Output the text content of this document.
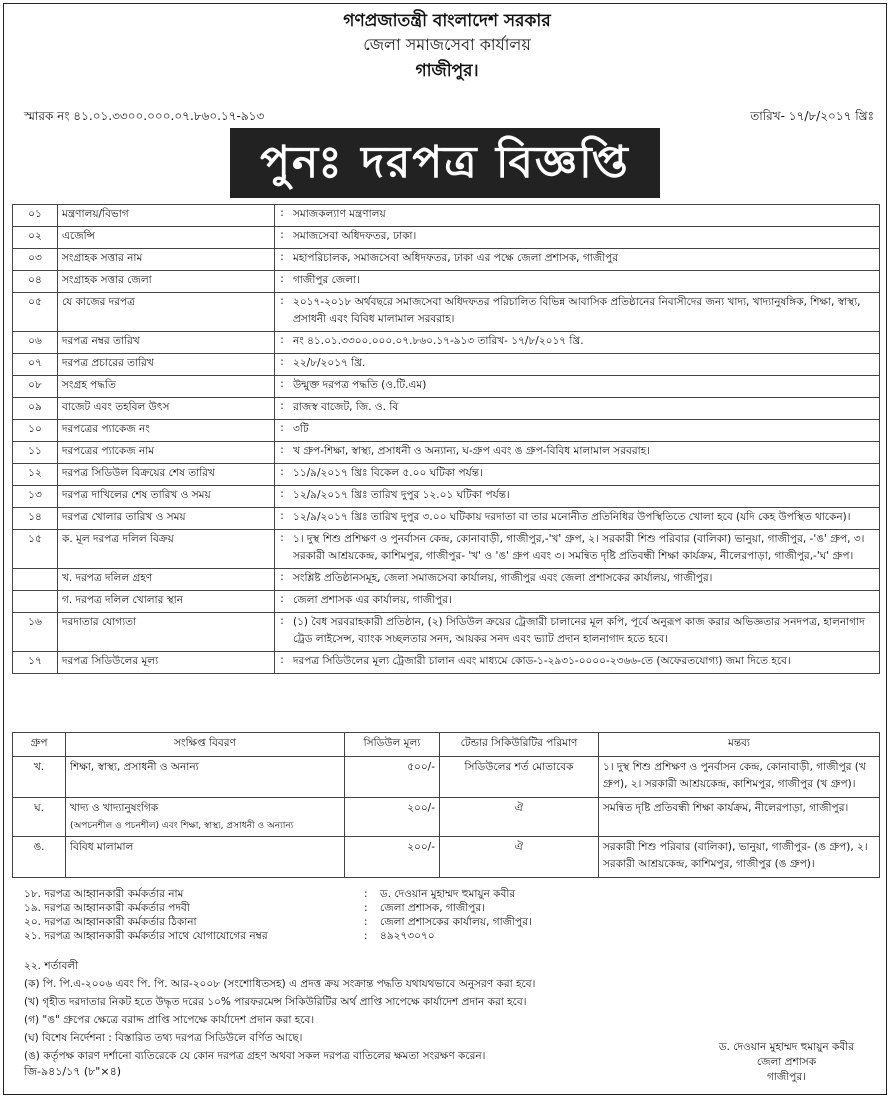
গণপ্রজাতন্ত্রী বাংলাদেশ সরকার
জেলা সমাজসেবা কার্যালয়
গাজীপুর।
স্মারক নং ৪১.০১.৩৩০০.০০০.০৭.৮৬০.১৭-৯১৩	তারিখ- ১৭/৮/২০১৭ খ্রিঃ
পুনঃ দরপত্র বিজ্ঞপ্তি
০১	মন্ত্রণালয়/বিভাগ	:	সমাজকল্যাণ মন্ত্রণালয়
০২	এজেন্সি	:	সমাজসেবা অধিদফতর, ঢাকা।
০৩	সংগ্রাহক সত্তার নাম	:	মহাপরিচালক, সমাজসেবা অধিদফতর, ঢাকা এর পক্ষে জেলা প্রশাসক, গাজীপুর
০৪	সংগ্রাহক সত্তার জেলা	:	গাজীপুর জেলা।
০৫	যে কাজের দরপত্র	:	২০১৭-২০১৮ অর্থবছরে সমাজসেবা অধিদফতর পরিচালিত বিভিন্ন আবাসিক প্রতিষ্ঠানের নিবাসীদের জন্য খাদ্য, খাদ্যানুষঙ্গিক, শিক্ষা, স্বাস্থ্য, প্রসাধনী এবং বিবিধ মালামাল সরবরাহ।
০৬	দরপত্র নম্বর তারিখ	:	নং ৪১.০১.৩৩০০.০০০.০৭.৮৬০.১৭-৯১৩ তারিখ- ১৭/৮/২০১৭ খ্রি.
০৭	দরপত্র প্রচারের তারিখ	:	২২/৮/২০১৭ খ্রি.
০৮	সংগ্রহ পদ্ধতি	:	উন্মুক্ত দরপত্র পদ্ধতি (ও.টি.এম)
০৯	বাজেট এবং তহবিল উৎস	:	রাজস্ব বাজেট, জি. ও. বি
১০	দরপত্রের প্যাকেজ নং	:	৩টি
১১	দরপত্রের প্যাকেজ নাম	:	খ গ্রুপ-শিক্ষা, স্বাস্থ্য, প্রসাধনী ও অন্যান্য, ঘ-গ্রুপ এবং ঙ গ্রুপ-বিবিধ মালামাল সরবরাহ।
১২	দরপত্র সিডিউল বিক্রয়ের শেষ তারিখ	:	১১/৯/২০১৭ খ্রিঃ বিকেল ৫.০০ ঘটিকা পর্যন্ত।
১৩	দরপত্র দাখিলের শেষ তারিখ ও সময়	:	১২/৯/২০১৭ খ্রিঃ তারিখ দুপুর ১২.০১ ঘটিকা পর্যন্ত।
১৪	দরপত্র খোলার তারিখ ও সময়	:	১২/৯/২০১৭ খ্রিঃ তারিখ দুপুর ৩.০০ ঘটিকায় দরদাতা বা তার মনোনীত প্রতিনিধির উপস্থিতিতে খোলা হবে (যদি কেহ উপস্থিত থাকেন)।
১৫	ক. মূল দরপত্র দলিল বিক্রয়	:	১। দুস্থ শিশু প্রশিক্ষণ ও পুনর্বাসন কেন্দ্র, কোনাবাড়ী, গাজীপুর,-'খ' গ্রুপ, ২। সরকারী শিশু পরিবার (বালিকা) ভানুয়া, গাজীপুর, -'ঙ' গ্রুপ, ৩। সরকারী আশ্রয়কেন্দ্র, কাশিমপুর, গাজীপুর- 'খ' ও 'ঙ' গ্রুপ এবং ৩। সমন্বিত দৃষ্টি প্রতিবন্ধী শিক্ষা কার্যক্রম, নীলেরপাড়া, গাজীপুর,-'ঘ' গ্রুপ।
	খ. দরপত্র দলিল গ্রহণ	:	সংশ্লিষ্ট প্রতিষ্ঠানসমূহ, জেলা সমাজসেবা কার্যালয়, গাজীপুর এবং জেলা প্রশাসকের কার্যালয়, গাজীপুর।
	গ. দরপত্র দলিল খোলার স্থান	:	জেলা প্রশাসক এর কার্যালয়, গাজীপুর।
১৬	দরদাতার যোগ্যতা	:	(১) বৈধ সরবরাহকারী প্রতিষ্ঠান, (২) সিডিউল ক্রয়ের ট্রেজারী চালানের মূল কপি, পূর্বে অনুরূপ কাজ করার অভিজ্ঞতার সনদপত্র, হালনাগাদ ট্রেড লাইসেন্স, ব্যাংক সচ্ছলতার সনদ, আয়কর সনদ এবং ভ্যাট প্রদান হালনাগাদ হতে হবে।
১৭	দরপত্র সিডিউলের মূল্য	:	দরপত্র সিডিউলের মূল্য ট্রেজারী চালান এবং মাধ্যমে কোড-১-২৯৩১-০০০০-২৩৬৬-তে (অফেরতযোগ্য) জমা দিতে হবে।
গ্রুপ	সংক্ষিপ্ত বিবরণ	সিডিউল মূল্য	টেন্ডার সিকিউরিটির পরিমাণ	মন্তব্য
খ.	শিক্ষা, স্বাস্থ্য, প্রসাধনী ও অনান্য	৫০০/-	সিডিউলের শর্ত মোতাবেক	১। দুস্থ শিশু প্রশিক্ষণ ও পুনর্বাসন কেন্দ্র, কোনাবাড়ী, গাজীপুর (খ গ্রুপ), ২। সরকারী আশ্রয়কেন্দ্র, কাশিমপুর, গাজীপুর (খ গ্রুপ)।
ঘ.	খাদ্য ও খাদ্যানুষংগিক
(অপচনশীল ও পচনশীল) এবং শিক্ষা, স্বাস্থ্য, প্রসাধনী ও অন্যান্য	২০০/-	ঐ	সমন্বিত দৃষ্টি প্রতিবন্ধী শিক্ষা কার্যক্রম, নীলেরপাড়া, গাজীপুর।
ঙ.	বিবিধ মালামাল	২০০/-	ঐ	সরকারী শিশু পরিবার (বালিকা), ভানুয়া, গাজীপুর- (ঙ গ্রুপ), ২। সরকারী আশ্রয়কেন্দ্র, কাশিমপুর, গাজীপুর (ঙ গ্রুপ)।
১৮. দরপত্র আহ্বানকারী কর্মকর্তার নাম	:	ড. দেওয়ান মুহাম্মদ হুমায়ুন কবীর
১৯. দরপত্র আহ্বানকারী কর্মকর্তার পদবী	:	জেলা প্রশাসক, গাজীপুর।
২০. দরপত্র আহ্বানকারী কর্মকর্তার ঠিকানা	:	জেলা প্রশাসকের কার্যালয়, গাজীপুর।
২১. দরপত্র আহ্বানকারী কর্মকর্তার সাথে যোগাযোগের নম্বর	:	৪৯২৭৩০৭০
২২. শর্তাবলী
(ক) পি. পি.এ-২০০৬ এবং পি. পি. আর-২০০৮ (সংশোধিতসহ) এ প্রদত্ত ক্রয় সংক্রান্ত পদ্ধতি যথাযথভাবে অনুসরণ করা হবে।
(খ) গৃহীত দরদাতার নিকট হতে উদ্ধৃত দরের ১০% পারফরমেন্স সিকিউরিটির অর্থ প্রাপ্তি সাপেক্ষে কার্যাদেশ প্রদান করা হবে।
(গ) "ঙ" গ্রুপের ক্ষেত্রে বরাদ্দ প্রাপ্তি সাপেক্ষে কার্যাদেশ প্রদান করা হবে।
(ঘ) বিশেষ নির্দেশনা : বিস্তারিত তথ্য দরপত্র সিডিউলে বর্ণিত আছে।
(ঙ) কর্তৃপক্ষ কারণ দর্শানো ব্যতিরেকে যে কোন দরপত্র গ্রহণ অথবা সকল দরপত্র বাতিলের ক্ষমতা সংরক্ষণ করেন।
ড. দেওয়ান মুহাম্মদ হুমায়ুন কবীর
জেলা প্রশাসক
গাজীপুর।
জি-৯৪১/১৭ (৮"×৪)
